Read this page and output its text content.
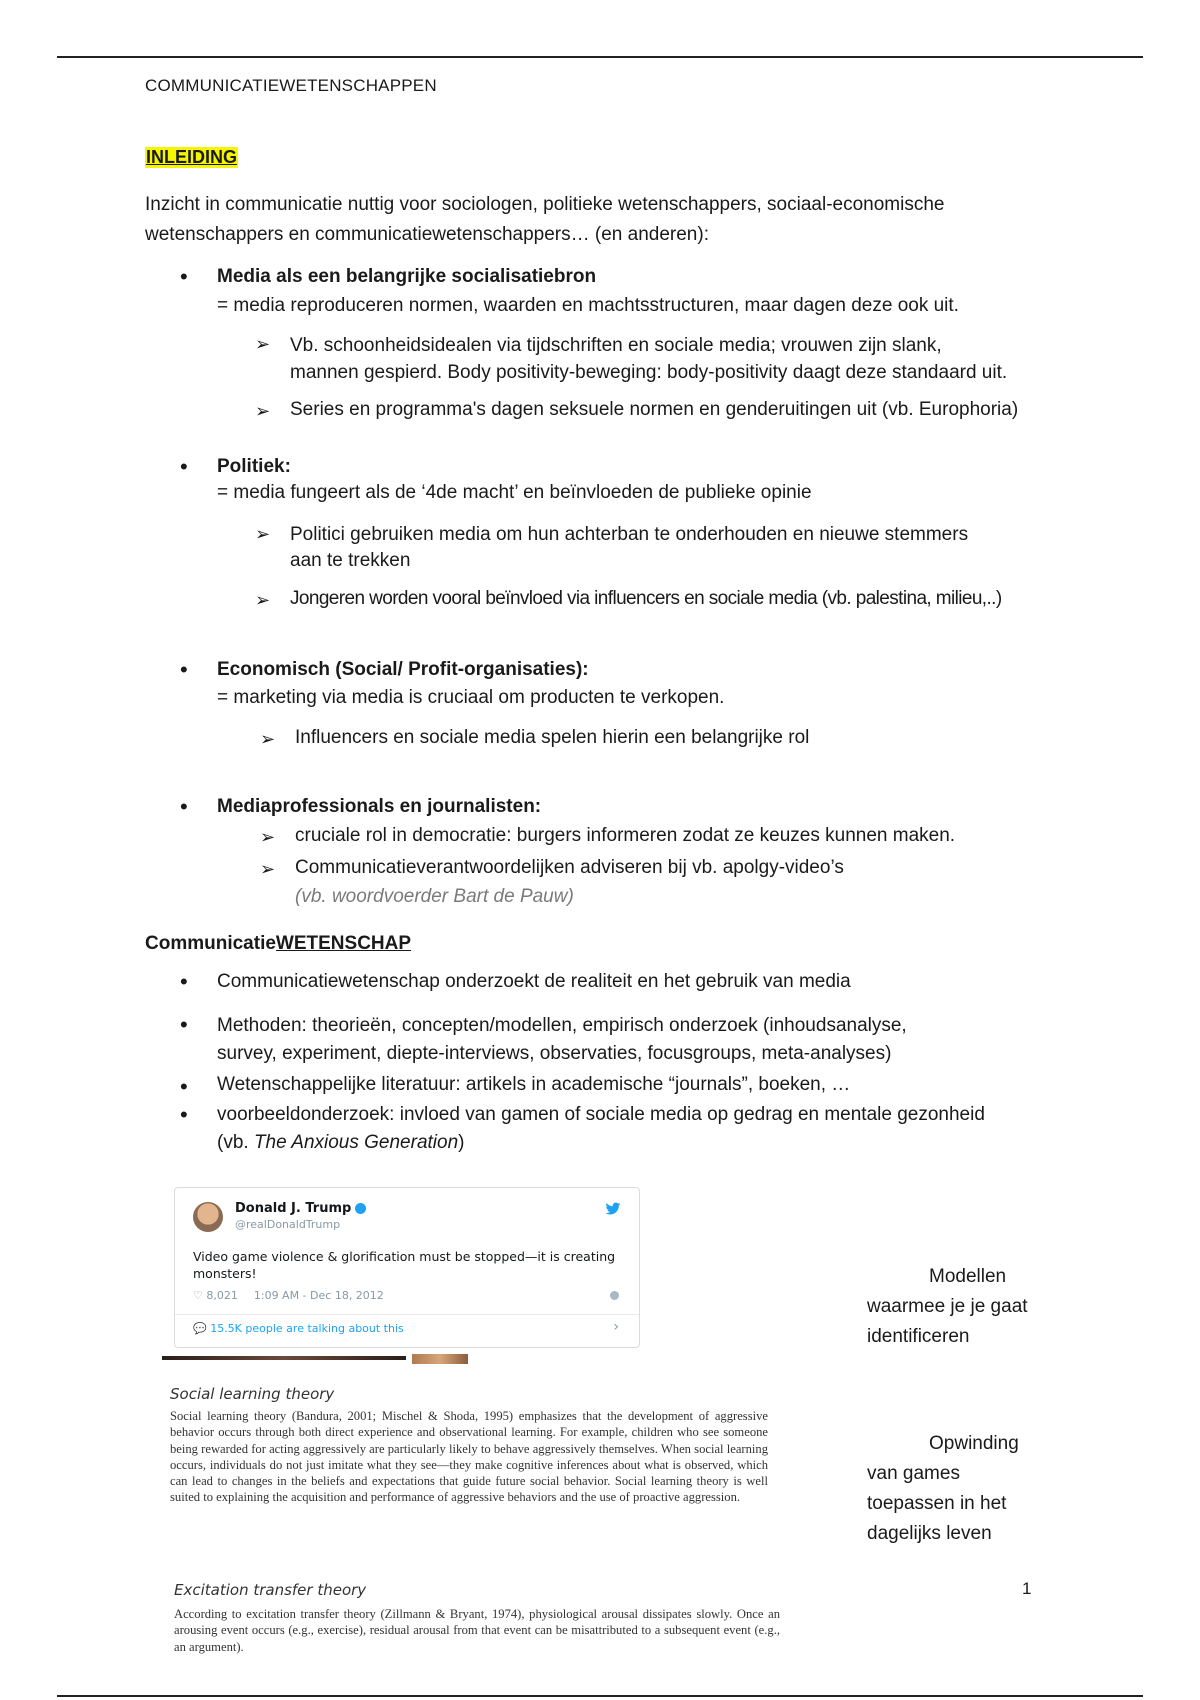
COMMUNICATIEWETENSCHAPPEN
INLEIDING
Inzicht in communicatie nuttig voor sociologen, politieke wetenschappers, sociaal-economische
wetenschappers en communicatiewetenschappers… (en anderen):
• Media als een belangrijke socialisatiebron
= media reproduceren normen, waarden en machtsstructuren, maar dagen deze ook uit.
➢ Vb. schoonheidsidealen via tijdschriften en sociale media; vrouwen zijn slank,
mannen gespierd. Body positivity-beweging: body-positivity daagt deze standaard uit.
➢ Series en programma's dagen seksuele normen en genderuitingen uit (vb. Europhoria)
• Politiek:
= media fungeert als de ‘4de macht’ en beïnvloeden de publieke opinie
➢ Politici gebruiken media om hun achterban te onderhouden en nieuwe stemmers
aan te trekken
➢ Jongeren worden vooral beïnvloed via influencers en sociale media (vb. palestina, milieu,..)
• Economisch (Social/ Profit-organisaties):
= marketing via media is cruciaal om producten te verkopen.
➢ Influencers en sociale media spelen hierin een belangrijke rol
• Mediaprofessionals en journalisten:
➢ cruciale rol in democratie: burgers informeren zodat ze keuzes kunnen maken.
➢ Communicatieverantwoordelijken adviseren bij vb. apolgy-video’s
(vb. woordvoerder Bart de Pauw)
CommunicatieWETENSCHAP
• Communicatiewetenschap onderzoekt de realiteit en het gebruik van media
• Methoden: theorieën, concepten/modellen, empirisch onderzoek (inhoudsanalyse,
survey, experiment, diepte-interviews, observaties, focusgroups, meta-analyses)
• Wetenschappelijke literatuur: artikels in academische “journals”, boeken, …
• voorbeeldonderzoek: invloed van gamen of sociale media op gedrag en mentale gezonheid
(vb. The Anxious Generation)
Donald J. Trump
@realDonaldTrump
Video game violence & glorification must be stopped—it is creating monsters!
♡ 8,021 1:09 AM - Dec 18, 2012
💬 15.5K people are talking about this	›
Social learning theory
Social learning theory (Bandura, 2001; Mischel & Shoda, 1995) emphasizes that the development of aggressive behavior occurs through both direct experience and observational learning. For example, children who see someone being rewarded for acting aggressively are particularly likely to behave aggressively themselves. When social learning occurs, individuals do not just imitate what they see—they make cognitive inferences about what is observed, which can lead to changes in the beliefs and expectations that guide future social behavior. Social learning theory is well suited to explaining the acquisition and performance of aggressive behaviors and the use of proactive aggression.
Excitation transfer theory
According to excitation transfer theory (Zillmann & Bryant, 1974), physiological arousal dissipates slowly. Once an arousing event occurs (e.g., exercise), residual arousal from that event can be misattributed to a subsequent event (e.g., an argument).
Modellen
waarmee je je gaat
identificeren
Opwinding
van games
toepassen in het
dagelijks leven
1
